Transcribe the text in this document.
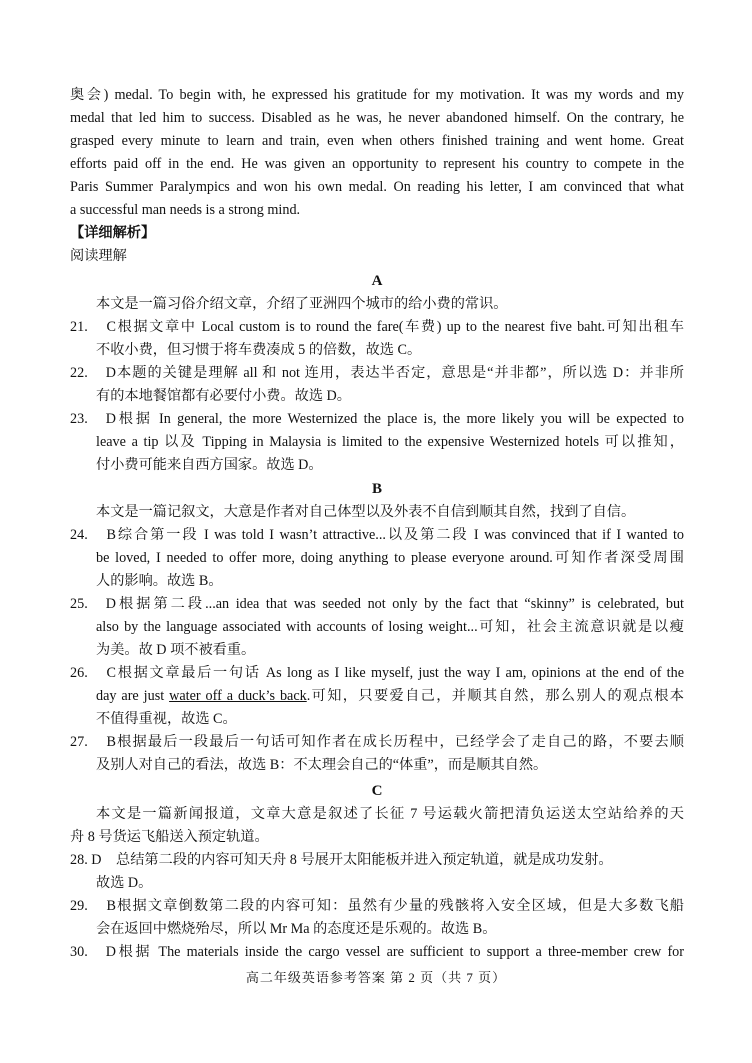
奥会) medal. To begin with, he expressed his gratitude for my motivation. It was my words and my
medal that led him to success. Disabled as he was, he never abandoned himself. On the contrary, he
grasped every minute to learn and train, even when others finished training and went home. Great
efforts paid off in the end. He was given an opportunity to represent his country to compete in the
Paris Summer Paralympics and won his own medal. On reading his letter, I am convinced that what
a successful man needs is a strong mind.
【详细解析】
阅读理解
A
本文是一篇习俗介绍文章，介绍了亚洲四个城市的给小费的常识。
21. C根据文章中 Local custom is to round the fare(车费) up to the nearest five baht.可知出租车
不收小费，但习惯于将车费凑成 5 的倍数，故选 C。
22. D本题的关键是理解 all 和 not 连用，表达半否定，意思是“并非都”，所以选 D：并非所
有的本地餐馆都有必要付小费。故选 D。
23. D根据 In general, the more Westernized the place is, the more likely you will be expected to
leave a tip 以及 Tipping in Malaysia is limited to the expensive Westernized hotels 可以推知，
付小费可能来自西方国家。故选 D。
B
本文是一篇记叙文，大意是作者对自己体型以及外表不自信到顺其自然，找到了自信。
24. B综合第一段 I was told I wasn’t attractive...以及第二段 I was convinced that if I wanted to
be loved, I needed to offer more, doing anything to please everyone around.可知作者深受周围
人的影响。故选 B。
25. D根据第二段...an idea that was seeded not only by the fact that “skinny” is celebrated, but
also by the language associated with accounts of losing weight...可知，社会主流意识就是以瘦
为美。故 D 项不被看重。
26. C根据文章最后一句话 As long as I like myself, just the way I am, opinions at the end of the
day are just water off a duck’s back.可知，只要爱自己，并顺其自然，那么别人的观点根本
不值得重视，故选 C。
27. B根据最后一段最后一句话可知作者在成长历程中，已经学会了走自己的路，不要去顺
及别人对自己的看法，故选 B：不太理会自己的“体重”，而是顺其自然。
C
本文是一篇新闻报道，文章大意是叙述了长征 7 号运载火箭把清负运送太空站给养的天
舟 8 号货运飞船送入预定轨道。
28. D 总结第二段的内容可知天舟 8 号展开太阳能板并进入预定轨道，就是成功发射。
故选 D。
29. B根据文章倒数第二段的内容可知：虽然有少量的残骸将入安全区域，但是大多数飞船
会在返回中燃烧殆尽，所以 Mr Ma 的态度还是乐观的。故选 B。
30. D根据 The materials inside the cargo vessel are sufficient to support a three-member crew for
高二年级英语参考答案 第 2 页（共 7 页）
